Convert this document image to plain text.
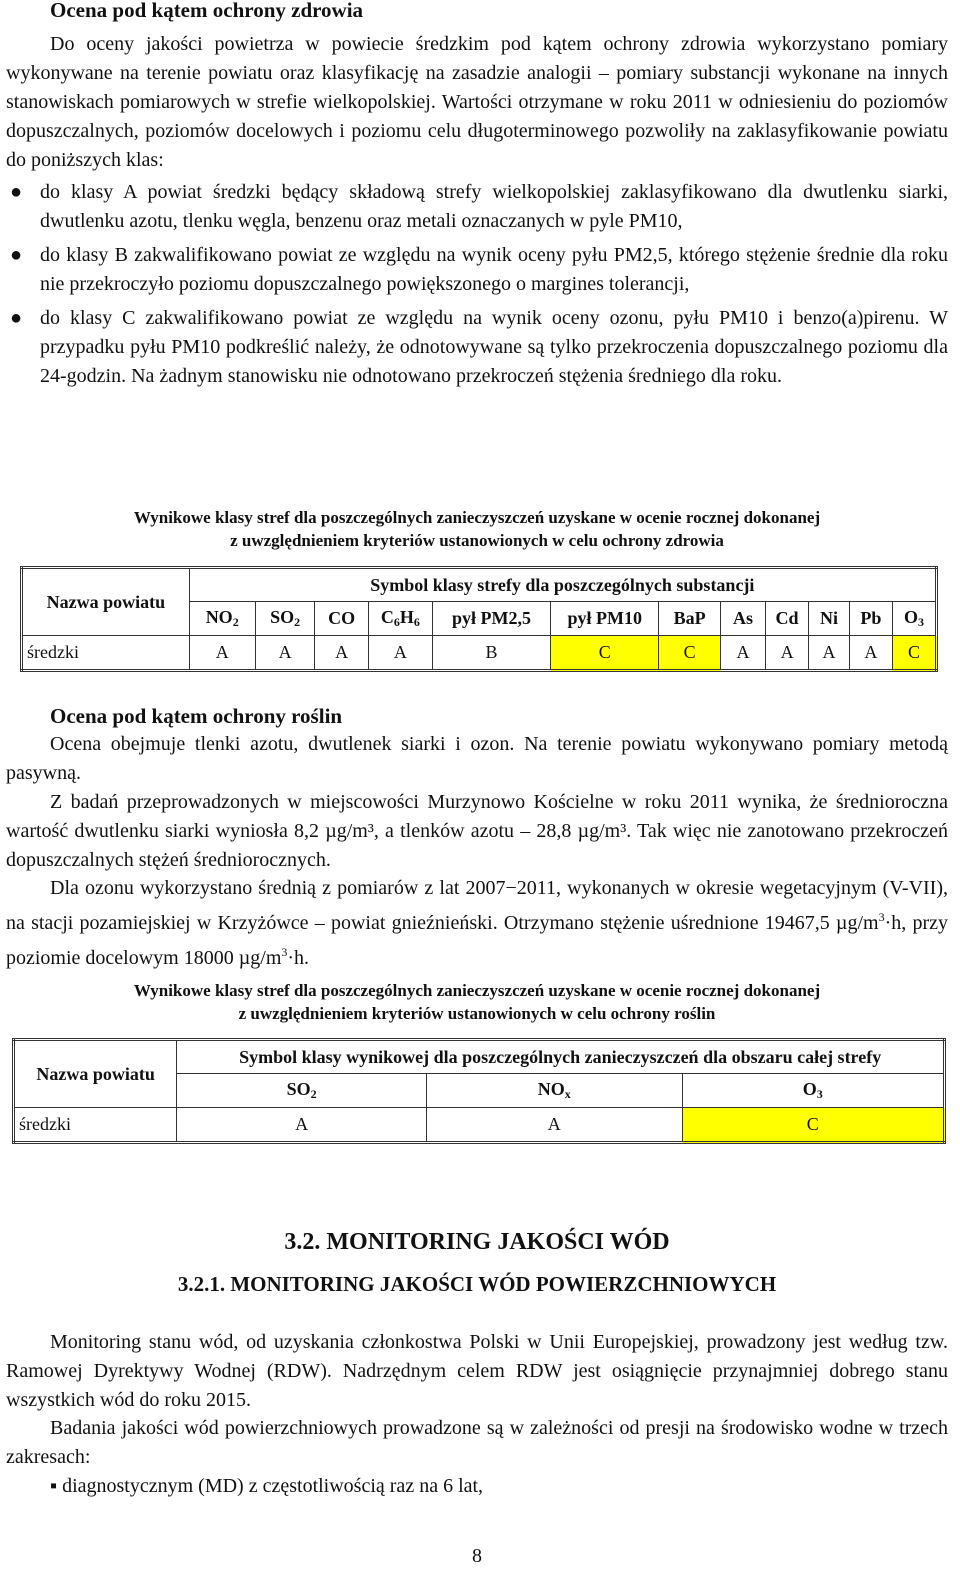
Ocena pod kątem ochrony zdrowia

Do oceny jakości powietrza w powiecie średzkim pod kątem ochrony zdrowia wykorzystano pomiary wykonywane na terenie powiatu oraz klasyfikację na zasadzie analogii – pomiary substancji wykonane na innych stanowiskach pomiarowych w strefie wielkopolskiej. Wartości otrzymane w roku 2011 w odniesieniu do poziomów dopuszczalnych, poziomów docelowych i poziomu celu długoterminowego pozwoliły na zaklasyfikowanie powiatu do poniższych klas:

● do klasy A powiat średzki będący składową strefy wielkopolskiej zaklasyfikowano dla dwutlenku siarki, dwutlenku azotu, tlenku węgla, benzenu oraz metali oznaczanych w pyle PM10,
● do klasy B zakwalifikowano powiat ze względu na wynik oceny pyłu PM2,5, którego stężenie średnie dla roku nie przekroczyło poziomu dopuszczalnego powiększonego o margines tolerancji,
● do klasy C zakwalifikowano powiat ze względu na wynik oceny ozonu, pyłu PM10 i benzo(a)pirenu. W przypadku pyłu PM10 podkreślić należy, że odnotowywane są tylko przekroczenia dopuszczalnego poziomu dla 24-godzin. Na żadnym stanowisku nie odnotowano przekroczeń stężenia średniego dla roku.

Wynikowe klasy stref dla poszczególnych zanieczyszczeń uzyskane w ocenie rocznej dokonanej

z uwzględnieniem kryteriów ustanowionych w celu ochrony zdrowia

Nazwa powiatu	Symbol klasy strefy dla poszczególnych substancji											
	$NO_2$	$SO_2$	CO	$C_6H_6$	pył PM2,5	pył PM10	BaP	As	Cd	Ni	Pb	$O_3$
średzki	A	A	A	A	B	C	C	A	A	A	A	C
Ocena pod kątem ochrony roślin

Ocena obejmuje tlenki azotu, dwutlenek siarki i ozon. Na terenie powiatu wykonywano pomiary metodą pasywną.

Z badań przeprowadzonych w miejscowości Murzynowo Kościelne w roku 2011 wynika, że średnioroczna wartość dwutlenku siarki wyniosła 8,2 µg/m³, a tlenków azotu – 28,8 µg/m³. Tak więc nie zanotowano przekroczeń dopuszczalnych stężeń średniorocznych.

Dla ozonu wykorzystano średnią z pomiarów z lat 2007−2011, wykonanych w okresie wegetacyjnym (V-VII), na stacji pozamiejskiej w Krzyżówce – powiat gnieźnieński. Otrzymano stężenie uśrednione 19467,5 $\mu g/m^3\cdot h$, przy poziomie docelowym 18000 $\mu g/m^3\cdot h$.

Wynikowe klasy stref dla poszczególnych zanieczyszczeń uzyskane w ocenie rocznej dokonanej

z uwzględnieniem kryteriów ustanowionych w celu ochrony roślin

Nazwa powiatu	Symbol klasy wynikowej dla poszczególnych zanieczyszczeń dla obszaru całej strefy		
	$SO_2$	$NO_x$	$O_3$
średzki	A	A	C
3.2. MONITORING JAKOŚCI WÓD
3.2.1. MONITORING JAKOŚCI WÓD POWIERZCHNIOWYCH

Monitoring stanu wód, od uzyskania członkostwa Polski w Unii Europejskiej, prowadzony jest według tzw. Ramowej Dyrektywy Wodnej (RDW). Nadrzędnym celem RDW jest osiągnięcie przynajmniej dobrego stanu wszystkich wód do roku 2015.

Badania jakości wód powierzchniowych prowadzone są w zależności od presji na środowisko wodne w trzech zakresach:

▪ diagnostycznym (MD) z częstotliwością raz na 6 lat,

8
